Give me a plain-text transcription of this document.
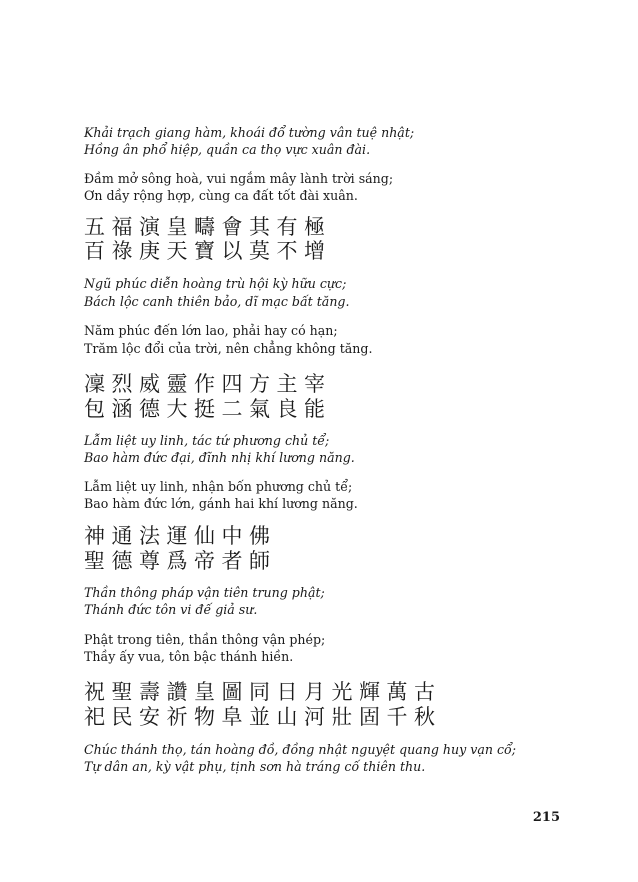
Khải trạch giang hàm, khoái đổ tường vân tuệ nhật;
Hồng ân phổ hiệp, quần ca thọ vực xuân đài.
Đầm mở sông hoà, vui ngắm mây lành trời sáng;
Ơn dầy rộng hợp, cùng ca đất tốt đài xuân.
五福演皇疇會其有極
百祿庚天寶以莫不增
Ngũ phúc diễn hoàng trù hội kỳ hữu cực;
Bách lộc canh thiên bảo, dĩ mạc bất tăng.
Năm phúc đến lớn lao, phải hay có hạn;
Trăm lộc đổi của trời, nên chẳng không tăng.
凜烈威靈作四方主宰
包涵德大挺二氣良能
Lẫm liệt uy linh, tác tứ phương chủ tể;
Bao hàm đức đại, đĩnh nhị khí lương năng.
Lẫm liệt uy linh, nhận bốn phương chủ tể;
Bao hàm đức lớn, gánh hai khí lương năng.
神通法運仙中佛
聖德尊爲帝者師
Thần thông pháp vận tiên trung phật;
Thánh đức tôn vi đế giả sư.
Phật trong tiên, thần thông vận phép;
Thầy ấy vua, tôn bậc thánh hiền.
祝聖壽讚皇圖同日月光輝萬古
祀民安祈物阜並山河壯固千秋
Chúc thánh thọ, tán hoàng đồ, đồng nhật nguyệt quang huy vạn cổ;
Tự dân an, kỳ vật phụ, tịnh sơn hà tráng cố thiên thu.
215
